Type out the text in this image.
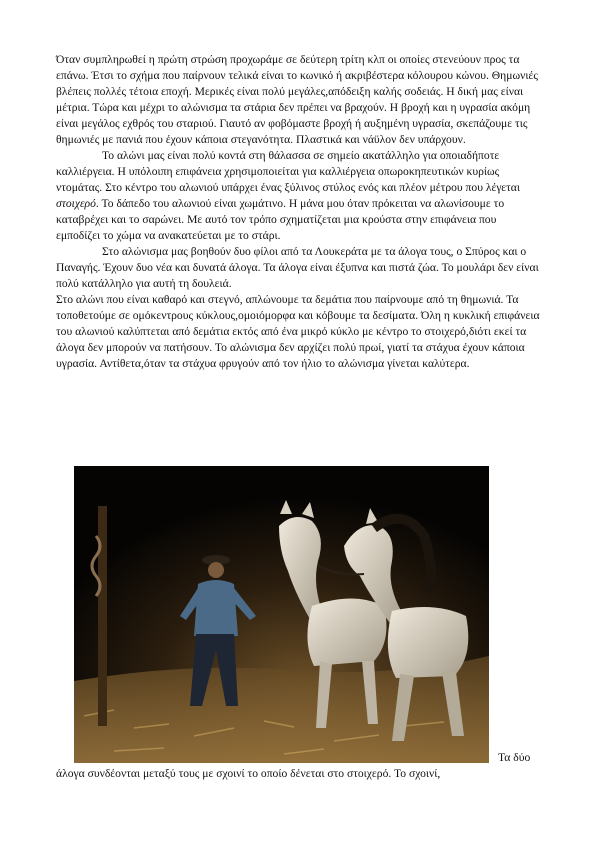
Όταν συμπληρωθεί η πρώτη στρώση προχωράμε σε δεύτερη τρίτη κλπ οι οποίες στενεύουν προς τα επάνω. Έτσι το σχήμα που παίρνουν τελικά είναι το κωνικό ή ακριβέστερα κόλουρου κώνου. Θημωνιές βλέπεις πολλές τέτοια εποχή. Μερικές είναι πολύ μεγάλες,απόδειξη καλής σοδειάς. Η δική μας είναι μέτρια. Τώρα και μέχρι το αλώνισμα τα στάρια δεν πρέπει να βραχούν. Η βροχή και η υγρασία ακόμη είναι μεγάλος εχθρός του σταριού. Γιαυτό αν φοβόμαστε βροχή ή αυξημένη υγρασία, σκεπάζουμε τις θημωνιές με πανιά που έχουν κάποια στεγανότητα. Πλαστικά και νάϋλον δεν υπάρχουν.

Το αλώνι μας είναι πολύ κοντά στη θάλασσα σε σημείο ακατάλληλο για οποιαδήποτε καλλιέργεια. Η υπόλοιπη επιφάνεια χρησιμοποιείται για καλλιέργεια οπωροκηπευτικών κυρίως ντομάτας. Στο κέντρο του αλωνιού υπάρχει ένας ξύλινος στύλος ενός και πλέον μέτρου που λέγεται στοιχερό. Το δάπεδο του αλωνιού είναι χωμάτινο. Η μάνα μου όταν πρόκειται να αλωνίσουμε το καταβρέχει και το σαρώνει. Με αυτό τον τρόπο σχηματίζεται μια κρούστα στην επιφάνεια που εμποδίζει το χώμα να ανακατεύεται με το στάρι.

Στο αλώνισμα μας βοηθούν δυο φίλοι από τα Λουκεράτα με τα άλογα τους, ο Σπύρος και ο Παναγής. Έχουν δυο νέα και δυνατά άλογα. Τα άλογα είναι έξυπνα και πιστά ζώα. Το μουλάρι δεν είναι πολύ κατάλληλο για αυτή τη δουλειά.

Στο αλώνι που είναι καθαρό και στεγνό, απλώνουμε τα δεμάτια που παίρνουμε από τη θημωνιά. Τα τοποθετούμε σε ομόκεντρους κύκλους,ομοιόμορφα και κόβουμε τα δεσίματα. Όλη η κυκλική επιφάνεια του αλωνιού καλύπτεται από δεμάτια εκτός από ένα μικρό κύκλο με κέντρο το στοιχερό,διότι εκεί τα άλογα δεν μπορούν να πατήσουν. Το αλώνισμα δεν αρχίζει πολύ πρωί, γιατί τα στάχυα έχουν κάποια υγρασία. Αντίθετα,όταν τα στάχυα φρυγούν από τον ήλιο το αλώνισμα γίνεται καλύτερα.

Τα δύο
άλογα συνδέονται μεταξύ τους με σχοινί το οποίο δένεται στο στοιχερό. Το σχοινί,
